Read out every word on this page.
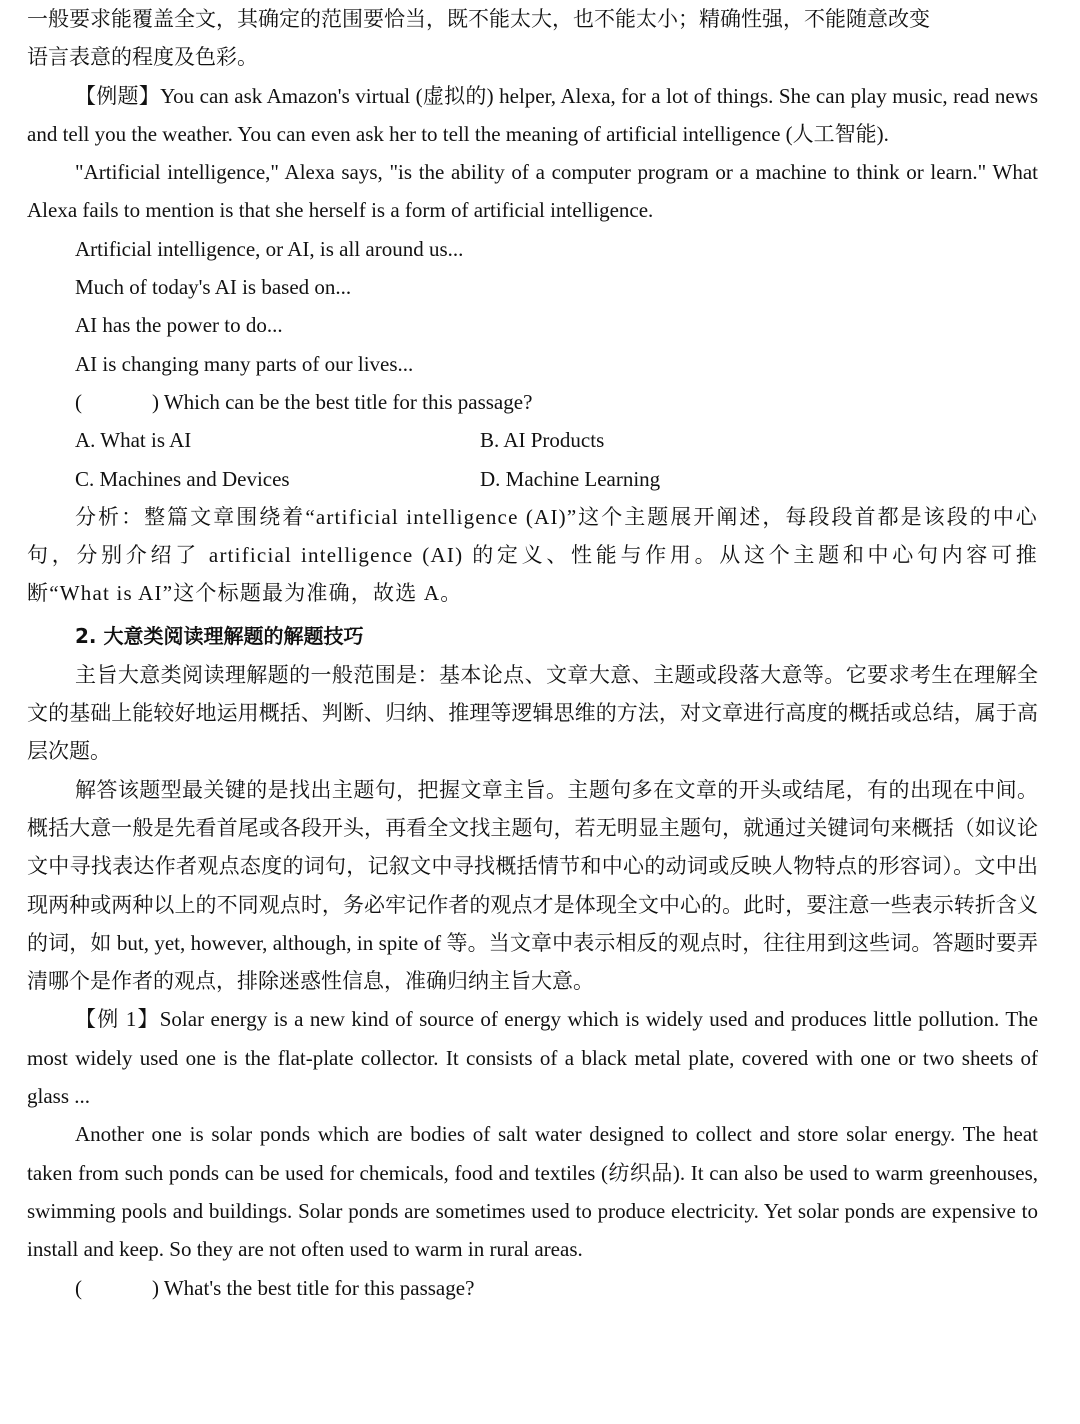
一般要求能覆盖全文，其确定的范围要恰当，既不能太大，也不能太小；精确性强，不能随意改变

语言表意的程度及色彩。

【例题】You can ask Amazon's virtual (虚拟的) helper, Alexa, for a lot of things. She can play music, read news and tell you the weather. You can even ask her to tell the meaning of artificial intelligence (人工智能).

"Artificial intelligence," Alexa says, "is the ability of a computer program or a machine to think or learn." What Alexa fails to mention is that she herself is a form of artificial intelligence.

Artificial intelligence, or AI, is all around us...

Much of today's AI is based on...

AI has the power to do...

AI is changing many parts of our lives...

(	) Which can be the best title for this passage?

A. What is AI	B. AI Products
C. Machines and Devices	D. Machine Learning

分析：整篇文章围绕着“artificial intelligence (AI)”这个主题展开阐述，每段段首都是该段的中心句，分别介绍了 artificial intelligence (AI) 的定义、性能与作用。从这个主题和中心句内容可推断“What is AI”这个标题最为准确，故选 A。

2. 大意类阅读理解题的解题技巧

主旨大意类阅读理解题的一般范围是：基本论点、文章大意、主题或段落大意等。它要求考生在理解全文的基础上能较好地运用概括、判断、归纳、推理等逻辑思维的方法，对文章进行高度的概括或总结，属于高层次题。

解答该题型最关键的是找出主题句，把握文章主旨。主题句多在文章的开头或结尾，有的出现在中间。概括大意一般是先看首尾或各段开头，再看全文找主题句，若无明显主题句，就通过关键词句来概括（如议论文中寻找表达作者观点态度的词句，记叙文中寻找概括情节和中心的动词或反映人物特点的形容词）。文中出现两种或两种以上的不同观点时，务必牢记作者的观点才是体现全文中心的。此时，要注意一些表示转折含义的词，如 but, yet, however, although, in spite of 等。当文章中表示相反的观点时，往往用到这些词。答题时要弄清哪个是作者的观点，排除迷惑性信息，准确归纳主旨大意。

【例 1】Solar energy is a new kind of source of energy which is widely used and produces little pollution. The most widely used one is the flat-plate collector. It consists of a black metal plate, covered with one or two sheets of glass ...

Another one is solar ponds which are bodies of salt water designed to collect and store solar energy. The heat taken from such ponds can be used for chemicals, food and textiles (纺织品). It can also be used to warm greenhouses, swimming pools and buildings. Solar ponds are sometimes used to produce electricity. Yet solar ponds are expensive to install and keep. So they are not often used to warm in rural areas.

(	) What's the best title for this passage?
